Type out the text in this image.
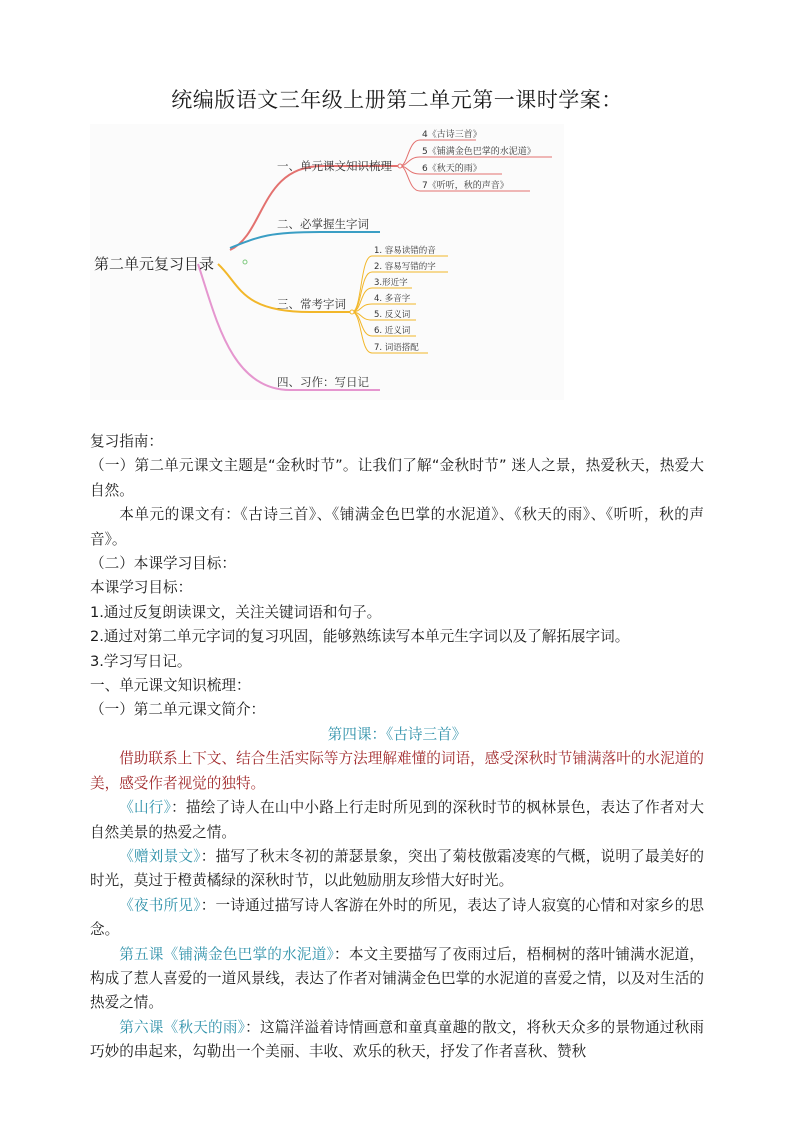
统编版语文三年级上册第二单元第一课时学案：
第二单元复习目录
一、单元课文知识梳理
二、必掌握生字词
三、常考字词
四、习作：写日记
4《古诗三首》
5《铺满金色巴掌的水泥道》
6《秋天的雨》
7《听听，秋的声音》
1. 容易读错的音
2. 容易写错的字
3.形近字
4. 多音字
5. 反义词
6. 近义词
7. 词语搭配

复习指南：

（一）第二单元课文主题是“金秋时节”。让我们了解“金秋时节” 迷人之景，热爱秋天，热爱大自然。

本单元的课文有：《古诗三首》、《铺满金色巴掌的水泥道》、《秋天的雨》、《听听，秋的声音》。

（二）本课学习目标：

本课学习目标：

1.通过反复朗读课文，关注关键词语和句子。

2.通过对第二单元字词的复习巩固，能够熟练读写本单元生字词以及了解拓展字词。

3.学习写日记。

一、单元课文知识梳理：

（一）第二单元课文简介：

第四课：《古诗三首》

借助联系上下文、结合生活实际等方法理解难懂的词语，感受深秋时节铺满落叶的水泥道的美，感受作者视觉的独特。

《山行》：描绘了诗人在山中小路上行走时所见到的深秋时节的枫林景色，表达了作者对大自然美景的热爱之情。

《赠刘景文》：描写了秋末冬初的萧瑟景象，突出了菊枝傲霜凌寒的气概，说明了最美好的时光，莫过于橙黄橘绿的深秋时节，以此勉励朋友珍惜大好时光。

《夜书所见》：一诗通过描写诗人客游在外时的所见，表达了诗人寂寞的心情和对家乡的思念。

第五课《铺满金色巴掌的水泥道》：本文主要描写了夜雨过后，梧桐树的落叶铺满水泥道，构成了惹人喜爱的一道风景线，表达了作者对铺满金色巴掌的水泥道的喜爱之情，以及对生活的热爱之情。

第六课《秋天的雨》：这篇洋溢着诗情画意和童真童趣的散文，将秋天众多的景物通过秋雨巧妙的串起来，勾勒出一个美丽、丰收、欢乐的秋天，抒发了作者喜秋、赞秋
